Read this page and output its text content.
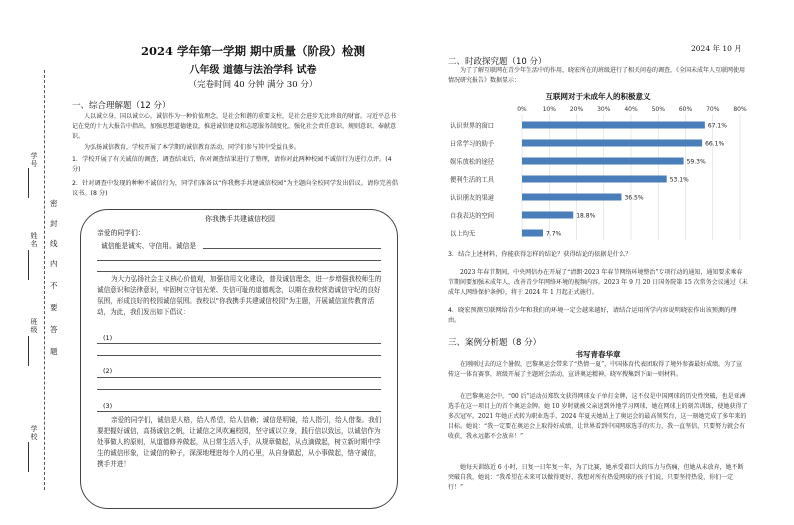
学号
姓名
班级
学校
密
封
线
内
不
要
答
题
2024 学年第一学期 期中质量（阶段）检测
八年级 道德与法治学科 试卷
（完卷时间 40 分钟 满分 30 分）
一、综合理解题（12 分）
人以诚立身，国以诚立心。诚信作为一种价值理念，是社会和谐的重要支柱，是社会进步无比珍贵的财富。习近平总书记在党的十九大报告中指出，加强思想道德建设，推进诚信建设和志愿服务制度化，强化社会责任意识、规则意识、奉献意识。
为弘扬诚信教育，学校开展了本学期的诚信教育活动，同学们参与其中受益良多。
1．学校开展了有关诚信的调查，调查结束后，你对调查结果进行了整理，请你对此两种校园不诚信行为进行点评。(4 分)
2．针对调查中发现的种种不诚信行为，同学们准备以“你我携手共建诚信校园”为主题向全校同学发出倡议。请你完善倡议书。(8 分)
你我携手共建诚信校园
亲爱的同学们：
诚信能是诚实、守信用。诚信是
为大力弘扬社会主义核心价值观，加强信用文化建设，普及诚信理念，进一步增强我校师生的诚信意识和法律意识，牢固树立守信光荣、失信可耻的道德观念，以期在我校营造诚信守纪的良好氛围，形成良好的校园诚信氛围。我校以“你我携手共建诚信校园”为主题，开展诚信宣传教育活动，为此，我们发出如下倡议：
(1)
(2)
(3)
亲爱的同学们，诚信是人格，给人希望，给人信赖；诚信是明镜，给人指引，给人借鉴。我们要把握好诚信，高扬诚信之帆，让诚信之风吹遍校园，坚守诚以立身，践行信以致远，以诚信作为处事做人的原则，从道德修养做起，从日常生活入手，从规章做起，从点滴做起，树立新时期中学生的诚信形象，让诚信的种子，深深地埋进每个人的心里，从自身做起，从小事做起，恪守诚信，携手并进！
2024 年 10 月
二、时政探究题（10 分）
为了了解互联网在青少年生活中的作用，晓宏所在的班级进行了相关问卷的调查，《全国未成年人互联网使用情况研究报告》数据显示：
互联网对于未成年人的积极意义
0%	10% 20% 30% 40% 50% 60% 70% 80%
认识世界的窗口	67.1%
日常学习的助手	66.1%
娱乐放松的途径	59.3%
便利生活的工具	53.1%
认识朋友的渠道	36.5%
自我表达的空间	18.8%
以上均无	7.7%
3．结合上述材料，你能获得怎样的结论？获得结论的依据是什么？
2023 年春节期间，中央网信办在开展了“清朗·2023 年春节网络环境整治”专项行动的通知，通知要求乘春节期间要加强未成年人，改善青少年网络环境的视频内容。2023 年 9 月 20 日国务院第 15 次常务会议通过《未成年人网络保护条例》，将于 2024 年 1 月起正式施行。
4．晓宏预测互联网给青少年和我们的环境一定会越来越好，请结合运用所学内容说明晓宏作出该预测的理由。
三、案例分析题（8 分）
书写青春华章
在刚刚过去的这个暑假，巴黎奥运会带来了“热情一夏”，中国体育代表团取得了境外参赛最好成绩。为了宣传这一体育赛事，班级开展了主题班会活动，宣讲奥运精神，晓军搜集到下面一则材料。
在巴黎奥运会中，“00 后”运动员郑钦文获得网球女子单打金牌，这不仅是中国网球的历史性突破，也是亚洲选手在这一项目上的首个奥运金牌。她 10 岁时就被父亲送到外地学习网球，她在网球上的刻苦训练，使她获得了多次冠军。2021 年她正式转为职业选手，2024 年夏天她站上了奥运会的最高领奖台，这一刻她完成了多年来的目标。她说：“我一定要在奥运会上取得好成绩，让世界看到中国网球选手的实力，我一直坚信，只要努力就会有收获，我永远都不会放弃！”
她每天训练近 6 小时，日复一日年复一年，为了比赛，她承受着巨大的压力与伤痛，但她从未放弃，她不断突破自我，她说：“我希望在未来可以做得更好，我想对所有热爱网球的孩子们说，只要坚持热爱，你们一定行！”
